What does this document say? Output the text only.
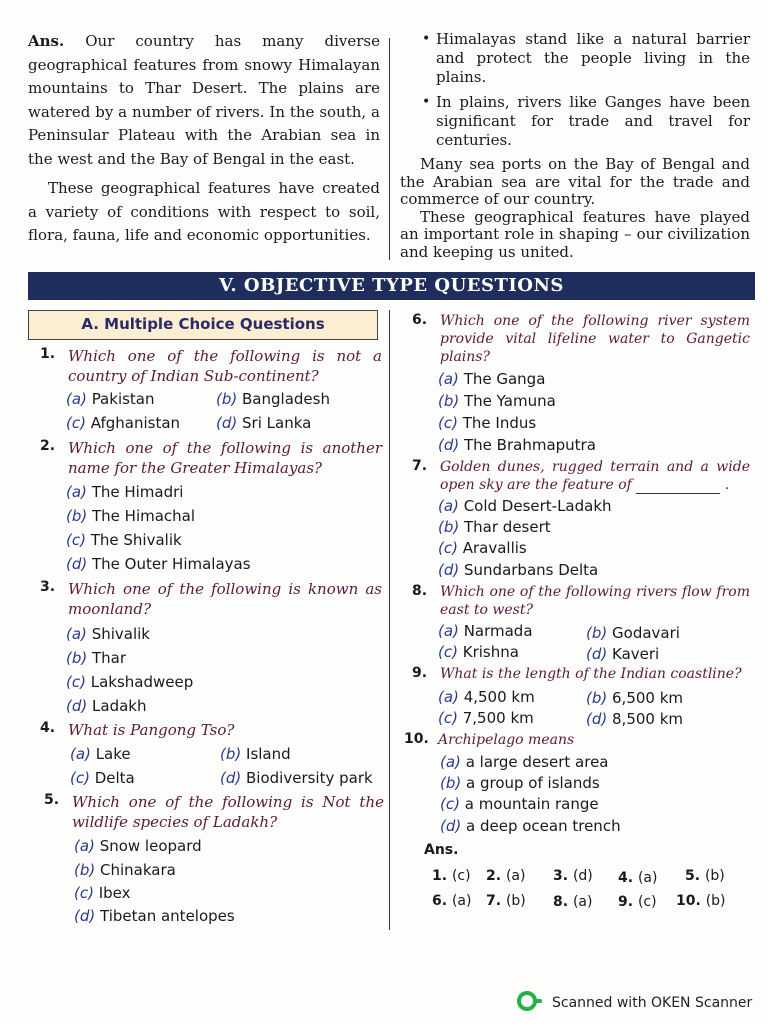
Ans. Our country has many diverse geographical features from snowy Himalayan mountains to Thar Desert. The plains are watered by a number of rivers. In the south, a Peninsular Plateau with the Arabian sea in the west and the Bay of Bengal in the east.

These geographical features have created a variety of conditions with respect to soil, flora, fauna, life and economic opportunities.

• Himalayas stand like a natural barrier and protect the people living in the plains.
• In plains, rivers like Ganges have been significant for trade and travel for centuries.

Many sea ports on the Bay of Bengal and the Arabian sea are vital for the trade and commerce of our country.

These geographical features have played an important role in shaping – our civilization and keeping us united.

V. OBJECTIVE TYPE QUESTIONS
A. Multiple Choice Questions
1. Which one of the following is not a country of Indian Sub-continent?
(a) Pakistan	(b) Bangladesh
(c) Afghanistan (d) Sri Lanka
2. Which one of the following is another name for the Greater Himalayas?
(a) The Himadri
(b) The Himachal
(c) The Shivalik
(d) The Outer Himalayas
3. Which one of the following is known as moonland?
(a) Shivalik
(b) Thar
(c) Lakshadweep
(d) Ladakh
4. What is Pangong Tso?
(a) Lake	(b) Island
(c) Delta	(d) Biodiversity park
5. Which one of the following is Not the wildlife species of Ladakh?
(a) Snow leopard
(b) Chinakara
(c) Ibex
(d) Tibetan antelopes
6. Which one of the following river system provide vital lifeline water to Gangetic plains?
(a) The Ganga
(b) The Yamuna
(c) The Indus
(d) The Brahmaputra
7. Golden dunes, rugged terrain and a wide open sky are the feature of	.
(a) Cold Desert-Ladakh
(b) Thar desert
(c) Aravallis
(d) Sundarbans Delta
8. Which one of the following rivers flow from east to west?
(a) Narmada	(b) Godavari
(c) Krishna	(d) Kaveri
9. What is the length of the Indian coastline?
(a) 4,500 km	(b) 6,500 km
(c) 7,500 km	(d) 8,500 km
10. Archipelago means
(a) a large desert area
(b) a group of islands
(c) a mountain range
(d) a deep ocean trench
Ans.
1. (c) 2. (a) 3. (d) 4. (a) 5. (b)
6. (a) 7. (b) 8. (a) 9. (c) 10. (b)
Scanned with OKEN Scanner
